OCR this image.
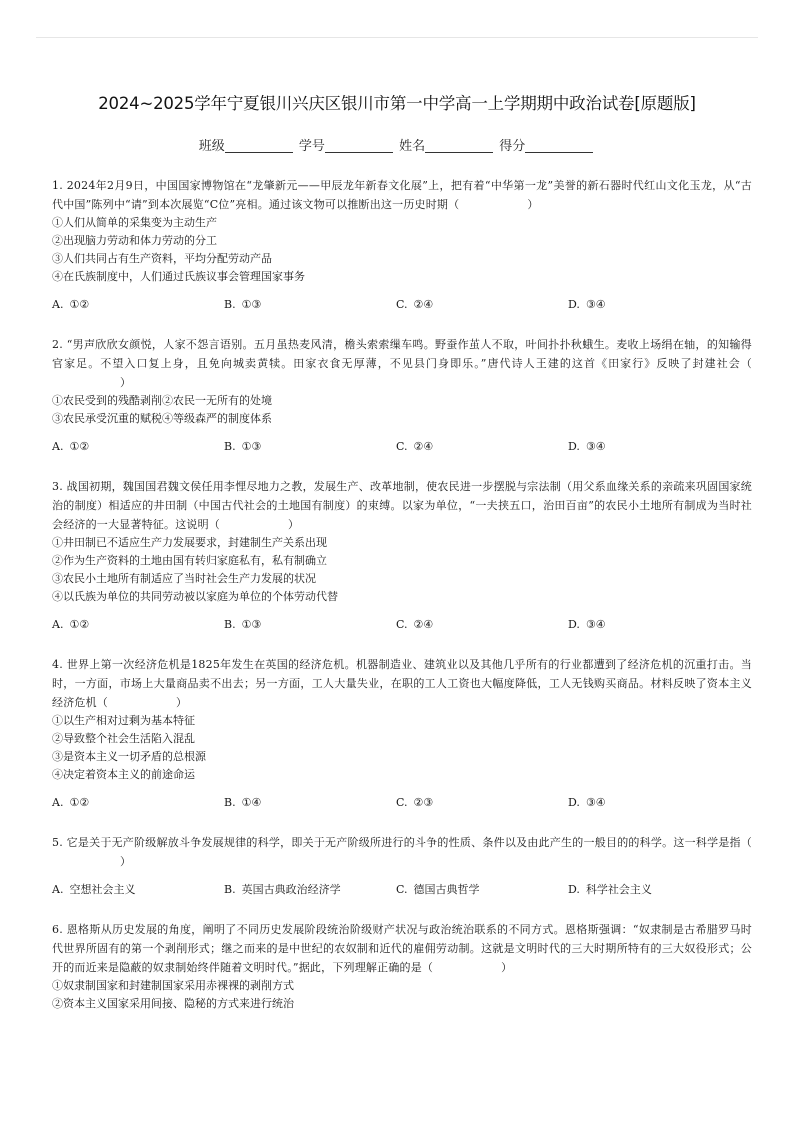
2024~2025学年宁夏银川兴庆区银川市第一中学高一上学期期中政治试卷[原题版]
班级	学号	姓名	得分
1. 2024年2月9日，中国国家博物馆在“龙肇新元——甲辰龙年新春文化展”上，把有着“中华第一龙”美誉的新石器时代红山文化玉龙，从“古代中国”陈列中“请”到本次展览“C位”亮相。通过该文物可以推断出这一历史时期（	）
①人们从简单的采集变为主动生产
②出现脑力劳动和体力劳动的分工
③人们共同占有生产资料，平均分配劳动产品
④在氏族制度中，人们通过氏族议事会管理国家事务
A. ①②	B. ①③	C. ②④	D. ③④
2. “男声欣欣女颜悦，人家不怨言语别。五月虽热麦风清，檐头索索缫车鸣。野蚕作茧人不取，叶间扑扑秋蛾生。麦收上场绢在轴，的知输得官家足。不望入口复上身，且免向城卖黄犊。田家衣食无厚薄，不见县门身即乐。”唐代诗人王建的这首《田家行》反映了封建社会（）
①农民受到的残酷剥削②农民一无所有的处境
③农民承受沉重的赋税④等级森严的制度体系
A. ①②	B. ①③	C. ②④	D. ③④
3. 战国初期，魏国国君魏文侯任用李悝尽地力之教，发展生产、改革地制，使农民进一步摆脱与宗法制（用父系血缘关系的亲疏来巩固国家统治的制度）相适应的井田制（中国古代社会的土地国有制度）的束缚。以家为单位，“一夫挟五口，治田百亩”的农民小土地所有制成为当时社会经济的一大显著特征。这说明（	）
①井田制已不适应生产力发展要求，封建制生产关系出现
②作为生产资料的土地由国有转归家庭私有，私有制确立
③农民小土地所有制适应了当时社会生产力发展的状况
④以氏族为单位的共同劳动被以家庭为单位的个体劳动代替
A. ①②	B. ①③	C. ②④	D. ③④
4. 世界上第一次经济危机是1825年发生在英国的经济危机。机器制造业、建筑业以及其他几乎所有的行业都遭到了经济危机的沉重打击。当时，一方面，市场上大量商品卖不出去；另一方面，工人大量失业，在职的工人工资也大幅度降低，工人无钱购买商品。材料反映了资本主义经济危机（	）
①以生产相对过剩为基本特征
②导致整个社会生活陷入混乱
③是资本主义一切矛盾的总根源
④决定着资本主义的前途命运
A. ①②	B. ①④	C. ②③	D. ③④
5. 它是关于无产阶级解放斗争发展规律的科学，即关于无产阶级所进行的斗争的性质、条件以及由此产生的一般目的的科学。这一科学是指（）
A. 空想社会主义	B. 英国古典政治经济学	C. 德国古典哲学	D. 科学社会主义
6. 恩格斯从历史发展的角度，阐明了不同历史发展阶段统治阶级财产状况与政治统治联系的不同方式。恩格斯强调：“奴隶制是古希腊罗马时代世界所固有的第一个剥削形式；继之而来的是中世纪的农奴制和近代的雇佣劳动制。这就是文明时代的三大时期所特有的三大奴役形式；公开的而近来是隐蔽的奴隶制始终伴随着文明时代。”据此，下列理解正确的是（	）
①奴隶制国家和封建制国家采用赤裸裸的剥削方式
②资本主义国家采用间接、隐秘的方式来进行统治
